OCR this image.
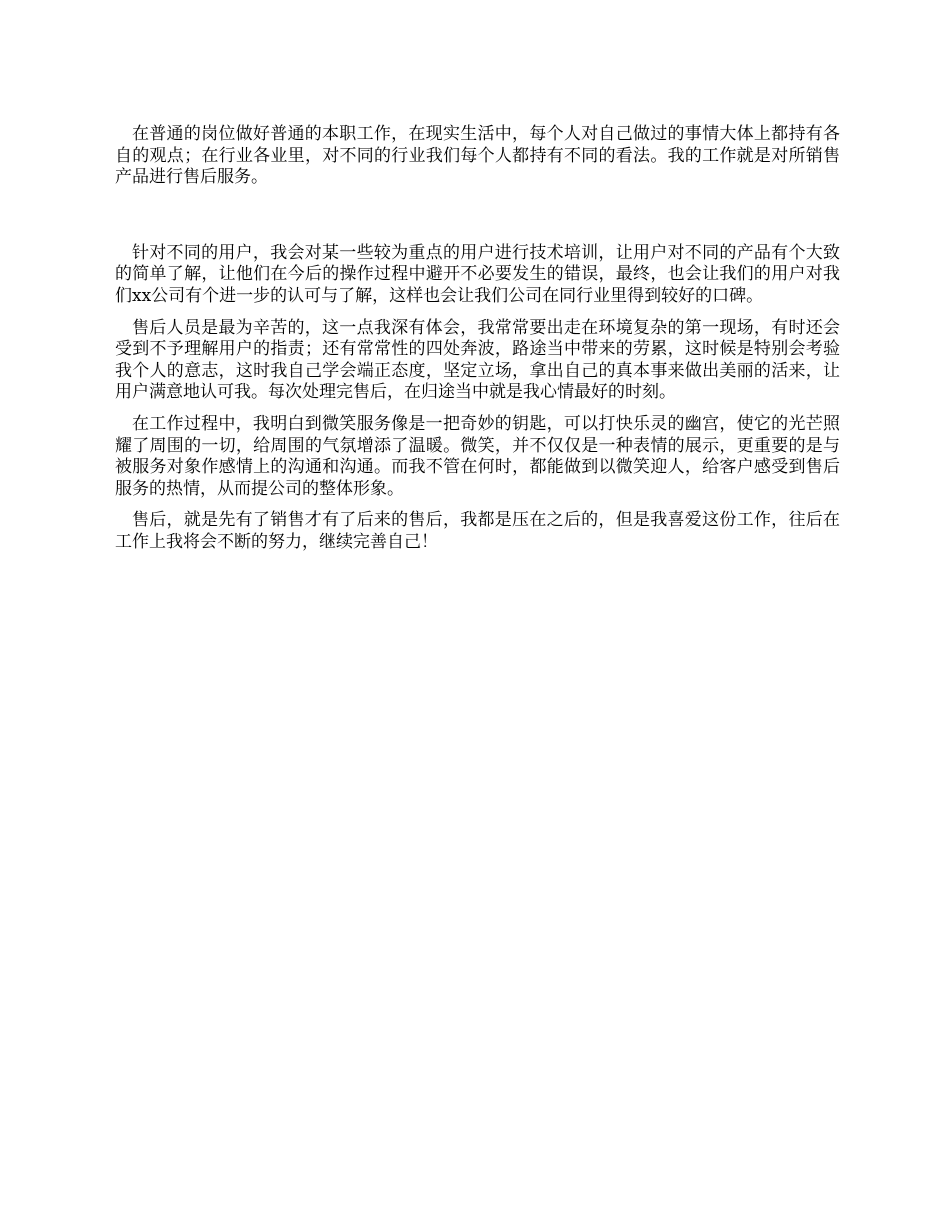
在普通的岗位做好普通的本职工作，在现实生活中，每个人对自己做过的事情大体上都持有各自的观点；在行业各业里，对不同的行业我们每个人都持有不同的看法。我的工作就是对所销售产品进行售后服务。

针对不同的用户，我会对某一些较为重点的用户进行技术培训，让用户对不同的产品有个大致的简单了解，让他们在今后的操作过程中避开不必要发生的错误，最终，也会让我们的用户对我们xx公司有个进一步的认可与了解，这样也会让我们公司在同行业里得到较好的口碑。

售后人员是最为辛苦的，这一点我深有体会，我常常要出走在环境复杂的第一现场，有时还会受到不予理解用户的指责；还有常常性的四处奔波，路途当中带来的劳累，这时候是特别会考验我个人的意志，这时我自己学会端正态度，坚定立场，拿出自己的真本事来做出美丽的活来，让用户满意地认可我。每次处理完售后，在归途当中就是我心情最好的时刻。

在工作过程中，我明白到微笑服务像是一把奇妙的钥匙，可以打快乐灵的幽宫，使它的光芒照耀了周围的一切，给周围的气氛增添了温暖。微笑，并不仅仅是一种表情的展示，更重要的是与被服务对象作感情上的沟通和沟通。而我不管在何时，都能做到以微笑迎人，给客户感受到售后服务的热情，从而提公司的整体形象。

售后，就是先有了销售才有了后来的售后，我都是压在之后的，但是我喜爱这份工作，往后在工作上我将会不断的努力，继续完善自己！
